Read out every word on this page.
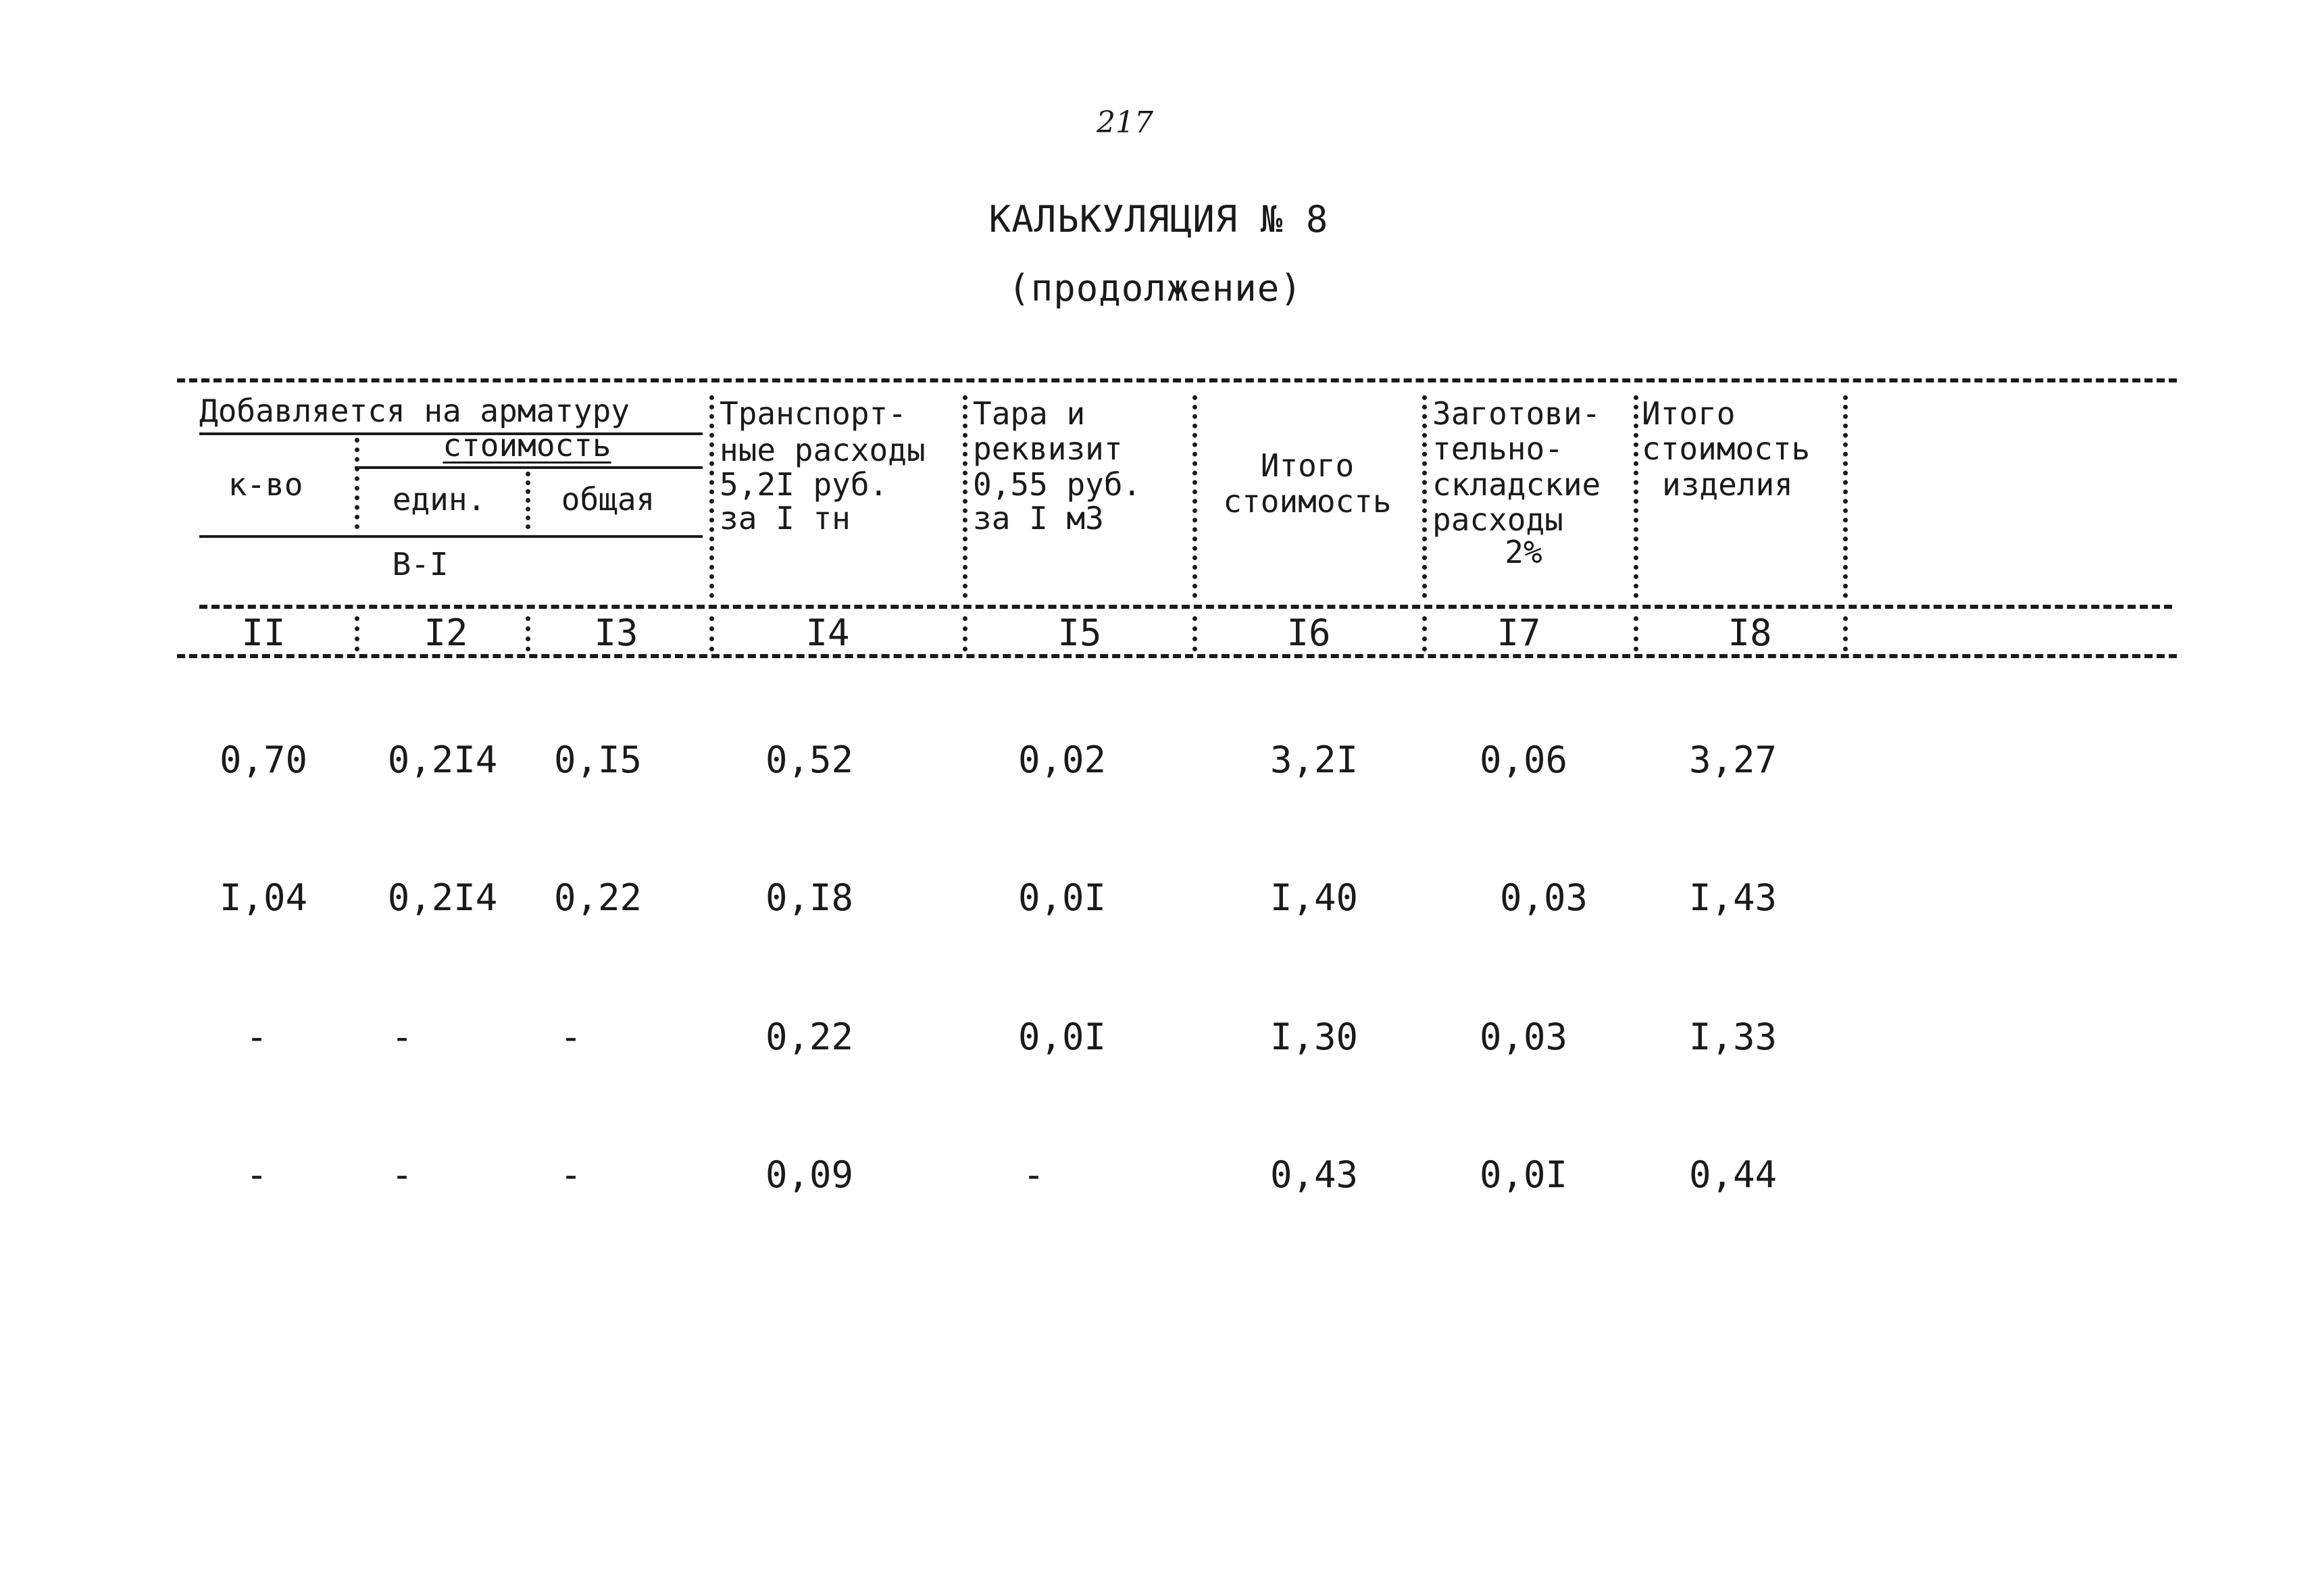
217
КАЛЬКУЛЯЦИЯ № 8
(продолжение)
Добавляется на арматуру
стоимость
к-во	един. общая
В-I
Транспорт-
ные расходы
5,2I руб.
за I тн
Тара и
реквизит
0,55 руб.
за I м3
Итого
стоимость
Заготови-
тельно-
складские
расходы
2%
Итого
стоимость
изделия
II	I2	I3	I4	I5	I6	I7	I8
0,70 0,2I4 0,I5	0,52	0,02	3,2I	0,06	3,27
I,04 0,2I4 0,22	0,I8	0,0I	I,40	0,03	I,43
-	-	-	0,22	0,0I	I,30	0,03	I,33
-	-	-	0,09	-	0,43	0,0I	0,44
